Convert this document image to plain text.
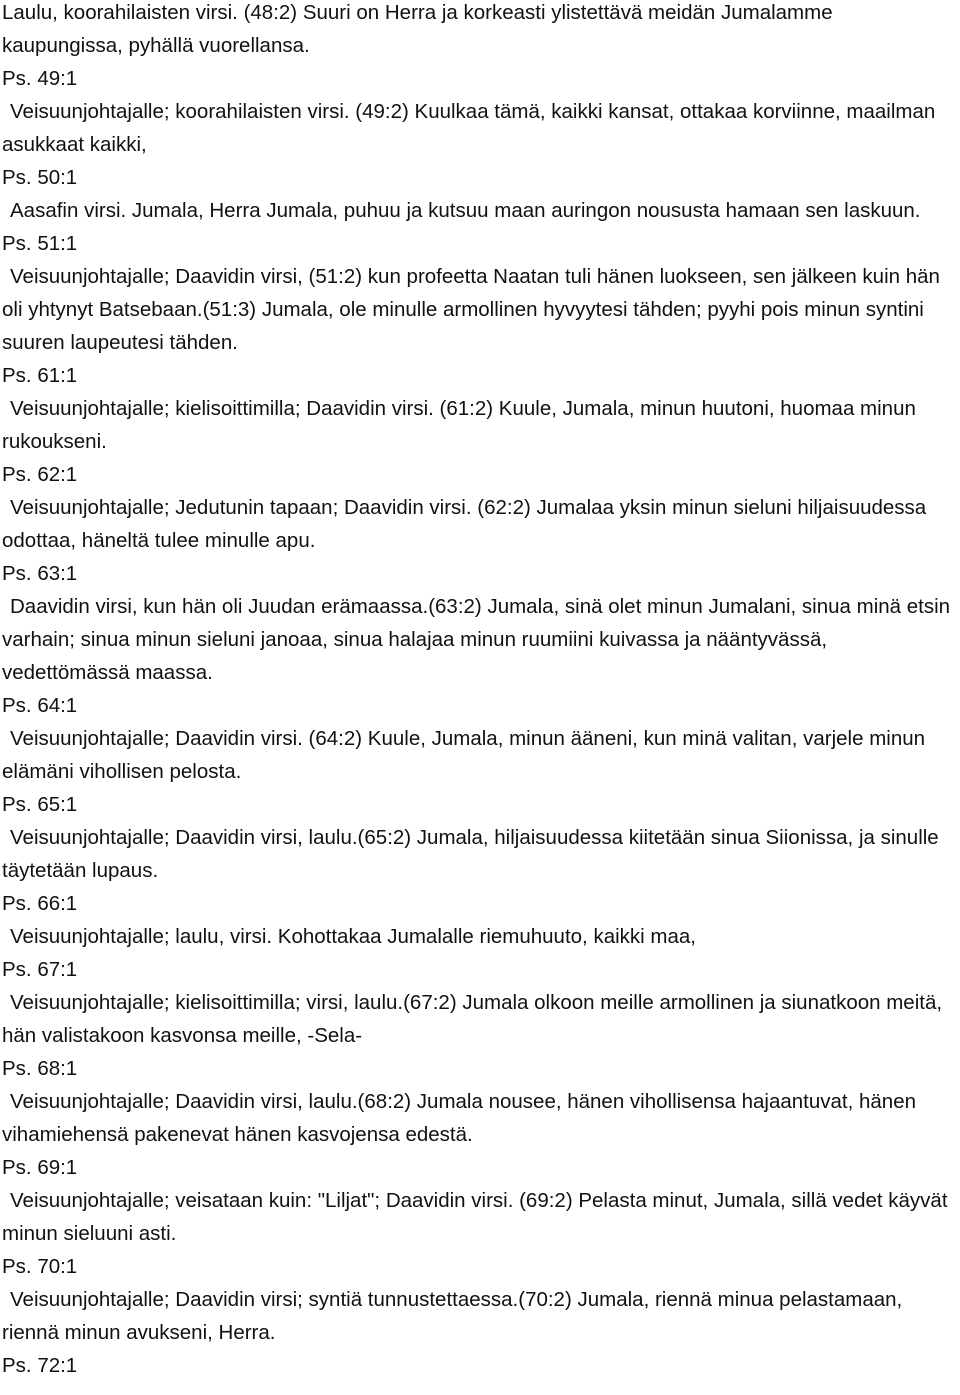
Laulu, koorahilaisten virsi. (48:2) Suuri on Herra ja korkeasti ylistettävä meidän Jumalamme kaupungissa, pyhällä vuorellansa.
Ps. 49:1
Veisuunjohtajalle; koorahilaisten virsi. (49:2) Kuulkaa tämä, kaikki kansat, ottakaa korviinne, maailman asukkaat kaikki,
Ps. 50:1
Aasafin virsi. Jumala, Herra Jumala, puhuu ja kutsuu maan auringon noususta hamaan sen laskuun.
Ps. 51:1
Veisuunjohtajalle; Daavidin virsi, (51:2) kun profeetta Naatan tuli hänen luokseen, sen jälkeen kuin hän oli yhtynyt Batsebaan.(51:3) Jumala, ole minulle armollinen hyvyytesi tähden; pyyhi pois minun syntini suuren laupeutesi tähden.
Ps. 61:1
Veisuunjohtajalle; kielisoittimilla; Daavidin virsi. (61:2) Kuule, Jumala, minun huutoni, huomaa minun rukoukseni.
Ps. 62:1
Veisuunjohtajalle; Jedutunin tapaan; Daavidin virsi. (62:2) Jumalaa yksin minun sieluni hiljaisuudessa odottaa, häneltä tulee minulle apu.
Ps. 63:1
Daavidin virsi, kun hän oli Juudan erämaassa.(63:2) Jumala, sinä olet minun Jumalani, sinua minä etsin varhain; sinua minun sieluni janoaa, sinua halajaa minun ruumiini kuivassa ja nääntyvässä, vedettömässä maassa.
Ps. 64:1
Veisuunjohtajalle; Daavidin virsi. (64:2) Kuule, Jumala, minun ääneni, kun minä valitan, varjele minun elämäni vihollisen pelosta.
Ps. 65:1
Veisuunjohtajalle; Daavidin virsi, laulu.(65:2) Jumala, hiljaisuudessa kiitetään sinua Siionissa, ja sinulle täytetään lupaus.
Ps. 66:1
Veisuunjohtajalle; laulu, virsi. Kohottakaa Jumalalle riemuhuuto, kaikki maa,
Ps. 67:1
Veisuunjohtajalle; kielisoittimilla; virsi, laulu.(67:2) Jumala olkoon meille armollinen ja siunatkoon meitä, hän valistakoon kasvonsa meille, -Sela-
Ps. 68:1
Veisuunjohtajalle; Daavidin virsi, laulu.(68:2) Jumala nousee, hänen vihollisensa hajaantuvat, hänen vihamiehensä pakenevat hänen kasvojensa edestä.
Ps. 69:1
Veisuunjohtajalle; veisataan kuin: "Liljat"; Daavidin virsi. (69:2) Pelasta minut, Jumala, sillä vedet käyvät minun sieluuni asti.
Ps. 70:1
Veisuunjohtajalle; Daavidin virsi; syntiä tunnustettaessa.(70:2) Jumala, riennä minua pelastamaan, riennä minun avukseni, Herra.
Ps. 72:1
